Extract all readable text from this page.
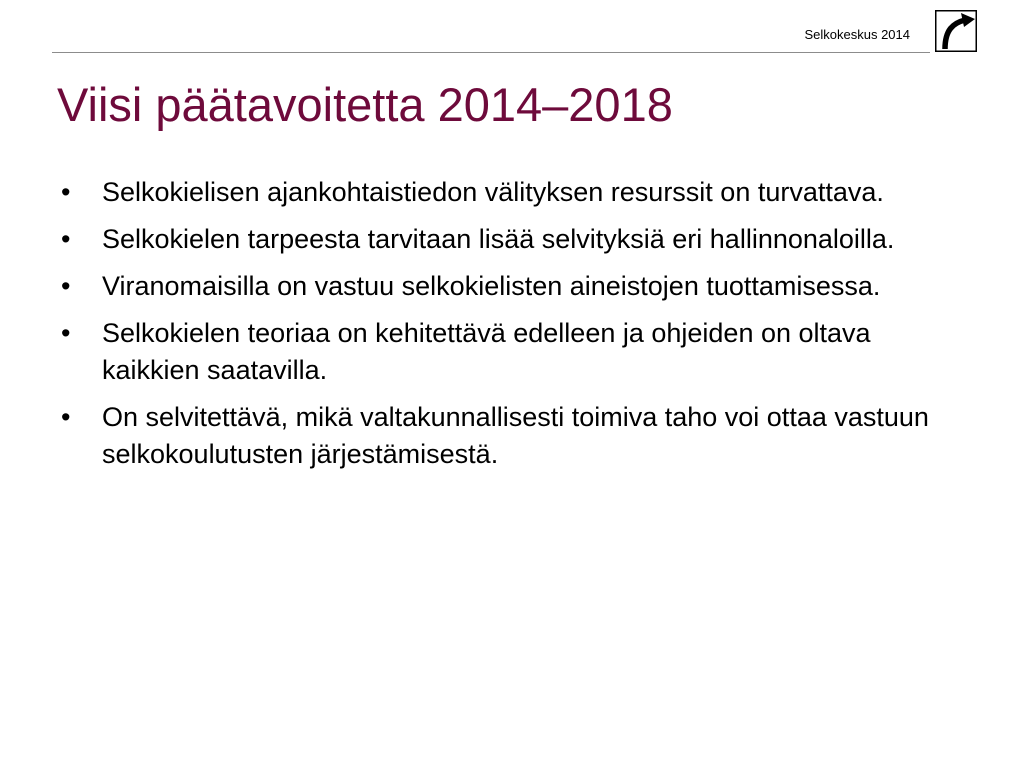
Selkokeskus 2014
Viisi päätavoitetta 2014–2018
• Selkokielisen ajankohtaistiedon välityksen resurssit on turvattava.
• Selkokielen tarpeesta tarvitaan lisää selvityksiä eri hallinnonaloilla.
• Viranomaisilla on vastuu selkokielisten aineistojen tuottamisessa.
• Selkokielen teoriaa on kehitettävä edelleen ja ohjeiden on oltava kaikkien saatavilla.
• On selvitettävä, mikä valtakunnallisesti toimiva taho voi ottaa vastuun selkokoulutusten järjestämisestä.
